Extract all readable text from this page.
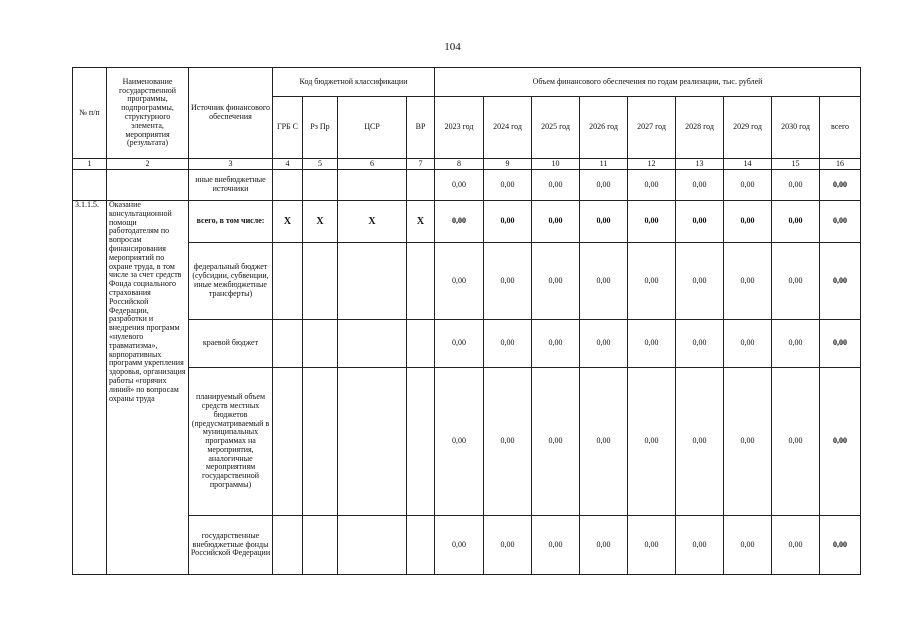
104
№ п/п	Наименование государственной программы, подпрограммы, структурного элемента, мероприятия (результата)	Источник финансового обеспечения	Код бюджетной классификации				Объем финансового обеспечения по годам реализации, тыс. рублей								
			ГРБ С	Рз Пр	ЦСР	ВР	2023 год	2024 год	2025 год	2026 год	2027 год	2028 год	2029 год	2030 год	всего
1	2	3	4	5	6	7	8	9	10	11	12	13	14	15	16
		иные внебюджетные источники					0,00	0,00	0,00	0,00	0,00	0,00	0,00	0,00	0,00
3.1.1.5.	Оказание консультационной помощи работодателям по вопросам финансирования мероприятий по охране труда, в том числе за счет средств Фонда социального страхования Российской Федерации, разработки и внедрения программ «нулевого травматизма», корпоративных программ укрепления здоровья, организация работы «горячих линий» по вопросам охраны труда	всего, в том числе:	X	X	X	X	0,00	0,00	0,00	0,00	0,00	0,00	0,00	0,00	0,00
		федеральный бюджет (субсидии, субвенции, иные межбюджетные трансферты)					0,00	0,00	0,00	0,00	0,00	0,00	0,00	0,00	0,00
		краевой бюджет					0,00	0,00	0,00	0,00	0,00	0,00	0,00	0,00	0,00
		планируемый объем средств местных бюджетов (предусматриваемый в муниципальных программах на мероприятия, аналогичные мероприятиям государственной программы)					0,00	0,00	0,00	0,00	0,00	0,00	0,00	0,00	0,00
		государственные внебюджетные фонды Российской Федерации					0,00	0,00	0,00	0,00	0,00	0,00	0,00	0,00	0,00
